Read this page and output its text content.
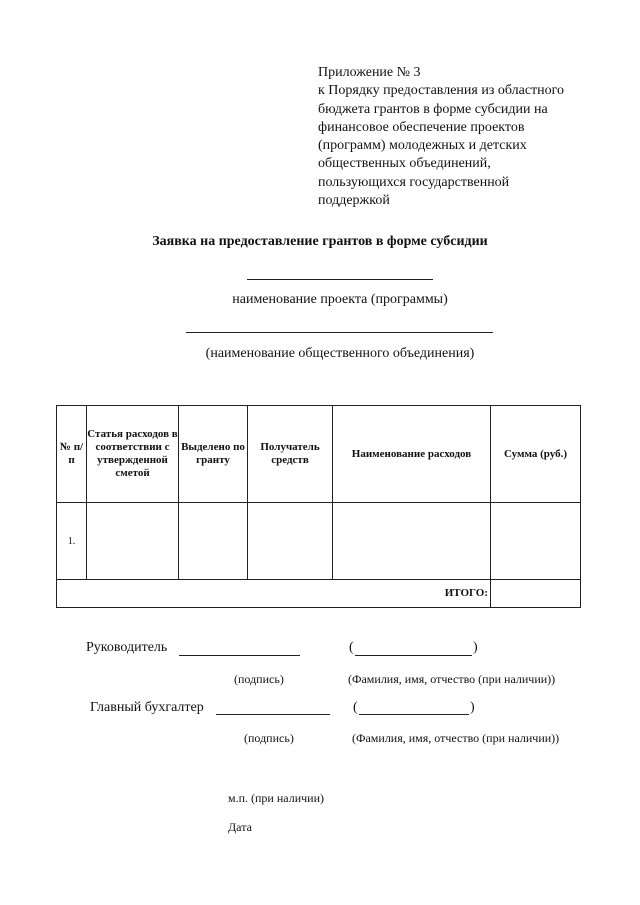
Приложение № 3
к Порядку предоставления из областного
бюджета грантов в форме субсидии на
финансовое обеспечение проектов
(программ) молодежных и детских
общественных объединений,
пользующихся государственной
поддержкой
Заявка на предоставление грантов в форме субсидии
наименование проекта (программы)
(наименование общественного объединения)
№ п/п	Статья расходов в соответствии с утвержденной сметой	Выделено по гранту	Получатель средств	Наименование расходов	Сумма (руб.)
1.					
ИТОГО:					
Руководитель	(	)
(подпись)	(Фамилия, имя, отчество (при наличии))
Главный бухгалтер	(	)
(подпись)	(Фамилия, имя, отчество (при наличии))
м.п. (при наличии)
Дата
